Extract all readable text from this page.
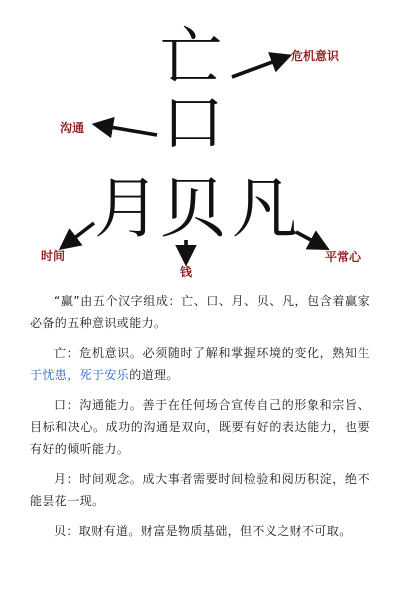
亡
口
月 贝 凡
危机意识
沟通
时间
钱
平常心

“赢”由五个汉字组成：亡、口、月、贝、凡，包含着赢家必备的五种意识或能力。

亡：危机意识。必须随时了解和掌握环境的变化，熟知生于忧患，死于安乐的道理。

口：沟通能力。善于在任何场合宣传自己的形象和宗旨、目标和决心。成功的沟通是双向，既要有好的表达能力，也要有好的倾听能力。

月：时间观念。成大事者需要时间检验和阅历积淀，绝不能昙花一现。

贝：取财有道。财富是物质基础，但不义之财不可取。
